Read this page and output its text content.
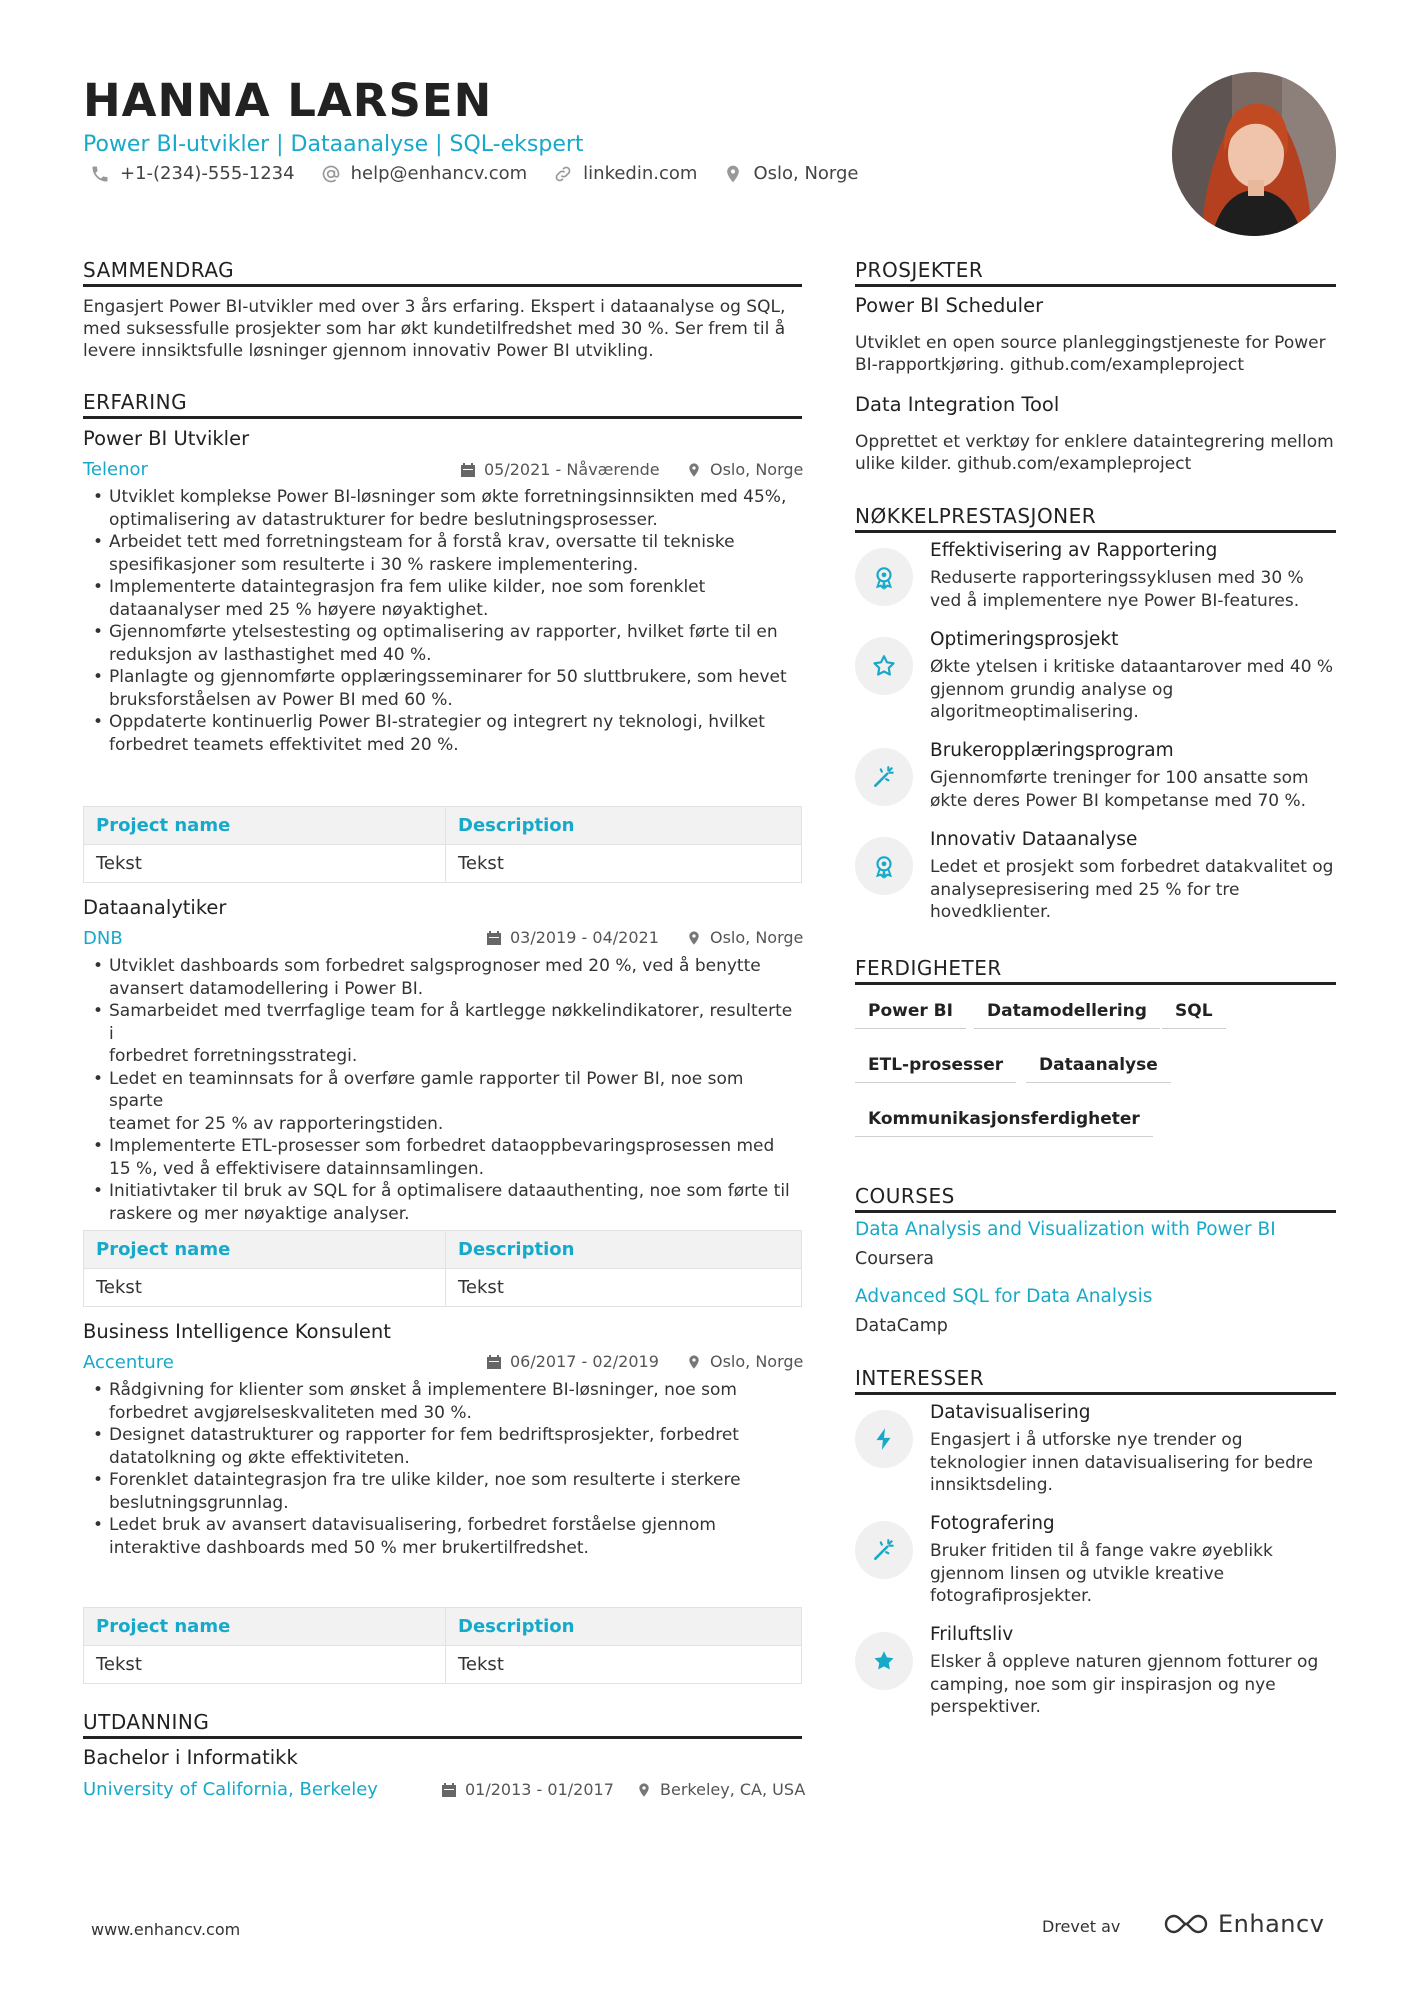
HANNA LARSEN
Power BI-utvikler | Dataanalyse | SQL-ekspert
+1-(234)-555-1234	help@enhancv.com	linkedin.com	Oslo, Norge
SAMMENDRAG
Engasjert Power BI-utvikler med over 3 års erfaring. Ekspert i dataanalyse og SQL,
med suksessfulle prosjekter som har økt kundetilfredshet med 30 %. Ser frem til å
levere innsiktsfulle løsninger gjennom innovativ Power BI utvikling.
ERFARING
Power BI Utvikler
Telenor	05/2021 - Nåværende	Oslo, Norge
• Utviklet komplekse Power BI-løsninger som økte forretningsinnsikten med 45%,
optimalisering av datastrukturer for bedre beslutningsprosesser.
• Arbeidet tett med forretningsteam for å forstå krav, oversatte til tekniske
spesifikasjoner som resulterte i 30 % raskere implementering.
• Implementerte dataintegrasjon fra fem ulike kilder, noe som forenklet
dataanalyser med 25 % høyere nøyaktighet.
• Gjennomførte ytelsestesting og optimalisering av rapporter, hvilket førte til en
reduksjon av lasthastighet med 40 %.
• Planlagte og gjennomførte opplæringsseminarer for 50 sluttbrukere, som hevet
bruksforståelsen av Power BI med 60 %.
• Oppdaterte kontinuerlig Power BI-strategier og integrert ny teknologi, hvilket
forbedret teamets effektivitet med 20 %.
Project name	Description
Tekst	Tekst
Dataanalytiker
DNB	03/2019 - 04/2021	Oslo, Norge
• Utviklet dashboards som forbedret salgsprognoser med 20 %, ved å benytte
avansert datamodellering i Power BI.
• Samarbeidet med tverrfaglige team for å kartlegge nøkkelindikatorer, resulterte i
forbedret forretningsstrategi.
• Ledet en teaminnsats for å overføre gamle rapporter til Power BI, noe som sparte
teamet for 25 % av rapporteringstiden.
• Implementerte ETL-prosesser som forbedret dataoppbevaringsprosessen med
15 %, ved å effektivisere datainnsamlingen.
• Initiativtaker til bruk av SQL for å optimalisere dataauthenting, noe som førte til
raskere og mer nøyaktige analyser.
Project name	Description
Tekst	Tekst
Business Intelligence Konsulent
Accenture	06/2017 - 02/2019	Oslo, Norge
• Rådgivning for klienter som ønsket å implementere BI-løsninger, noe som
forbedret avgjørelseskvaliteten med 30 %.
• Designet datastrukturer og rapporter for fem bedriftsprosjekter, forbedret
datatolkning og økte effektiviteten.
• Forenklet dataintegrasjon fra tre ulike kilder, noe som resulterte i sterkere
beslutningsgrunnlag.
• Ledet bruk av avansert datavisualisering, forbedret forståelse gjennom
interaktive dashboards med 50 % mer brukertilfredshet.
Project name	Description
Tekst	Tekst
UTDANNING
Bachelor i Informatikk
University of California, Berkeley	01/2013 - 01/2017	Berkeley, CA, USA
PROSJEKTER
Power BI Scheduler
Utviklet en open source planleggingstjeneste for Power
BI-rapportkjøring. github.com/exampleproject
Data Integration Tool
Opprettet et verktøy for enklere dataintegrering mellom
ulike kilder. github.com/exampleproject
NØKKELPRESTASJONER
Effektivisering av Rapportering
Reduserte rapporteringssyklusen med 30 %
ved å implementere nye Power BI-features.
Optimeringsprosjekt
Økte ytelsen i kritiske dataantarover med 40 %
gjennom grundig analyse og
algoritmeoptimalisering.
Brukeropplæringsprogram
Gjennomførte treninger for 100 ansatte som
økte deres Power BI kompetanse med 70 %.
Innovativ Dataanalyse
Ledet et prosjekt som forbedret datakvalitet og
analysepresisering med 25 % for tre
hovedklienter.
FERDIGHETER
Power BI	Datamodellering	SQL
ETL-prosesser	Dataanalyse
Kommunikasjonsferdigheter
COURSES
Data Analysis and Visualization with Power BI
Coursera
Advanced SQL for Data Analysis
DataCamp
INTERESSER
Datavisualisering
Engasjert i å utforske nye trender og
teknologier innen datavisualisering for bedre
innsiktsdeling.
Fotografering
Bruker fritiden til å fange vakre øyeblikk
gjennom linsen og utvikle kreative
fotografiprosjekter.
Friluftsliv
Elsker å oppleve naturen gjennom fotturer og
camping, noe som gir inspirasjon og nye
perspektiver.
www.enhancv.com	Drevet av	Enhancv
